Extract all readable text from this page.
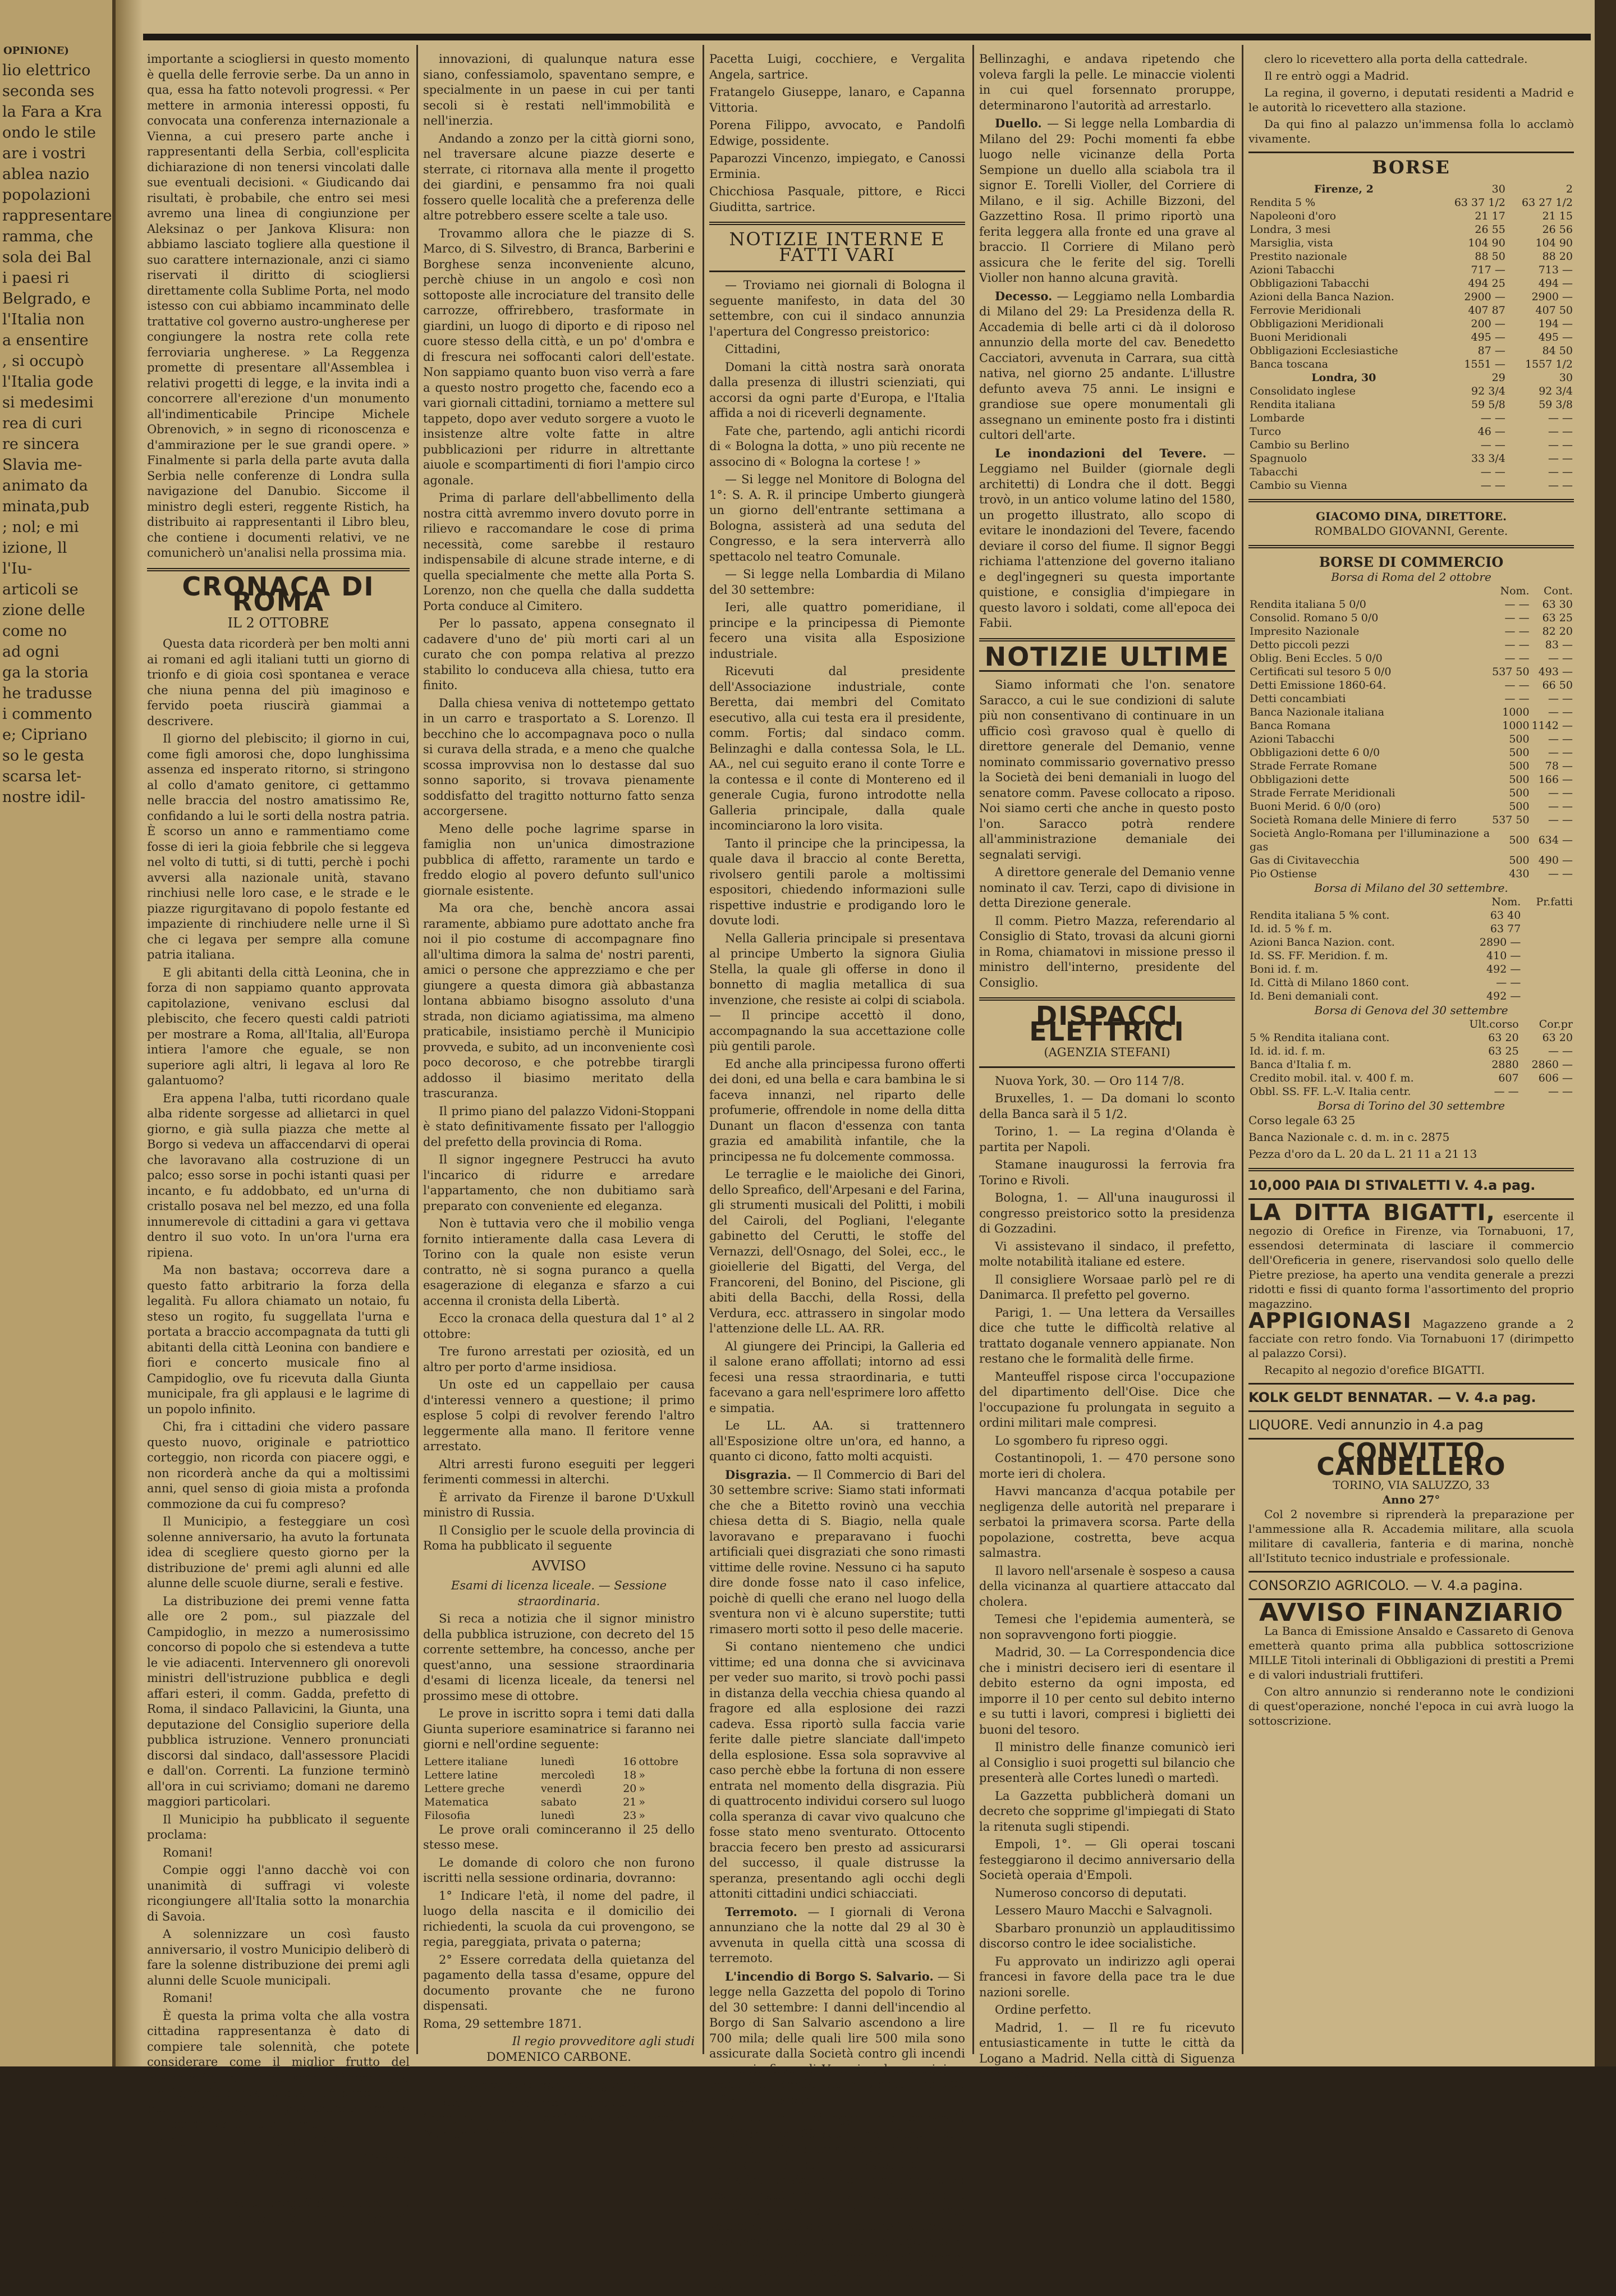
OPINIONE)
lio elettrico
seconda ses
la Fara a Kra
ondo le stile
are i vostri
ablea nazio
popolazioni
rappresentare
ramma, che
sola dei Bal
i paesi ri
Belgrado, e
l'Italia non
a ensentire
, si occupò
l'Italia gode
si medesimi
rea di curi
re sincera
Slavia me-
animato da
minata,pub
; nol; e mi
izione, ll
l'Iu-
articoli se
zione delle
come no
ad ogni
ga la storia
he tradusse
i commento
e; Cipriano
so le gesta
scarsa let-
nostre idil-

importante a sciogliersi in questo momento è quella delle ferrovie serbe. Da un anno in qua, essa ha fatto notevoli progressi. « Per mettere in armonia interessi opposti, fu convocata una conferenza internazionale a Vienna, a cui presero parte anche i rappresentanti della Serbia, coll'esplicita dichiarazione di non tenersi vincolati dalle sue eventuali decisioni. « Giudicando dai risultati, è probabile, che entro sei mesi avremo una linea di congiunzione per Aleksinaz o per Jankova Klisura: non abbiamo lasciato togliere alla questione il suo carattere internazionale, anzi ci siamo riservati il diritto di sciogliersi direttamente colla Sublime Porta, nel modo istesso con cui abbiamo incamminato delle trattative col governo austro-ungherese per congiungere la nostra rete colla rete ferroviaria ungherese. » La Reggenza promette di presentare all'Assemblea i relativi progetti di legge, e la invita indi a concorrere all'erezione d'un monumento all'indimenticabile Principe Michele Obrenovich, » in segno di riconoscenza e d'ammirazione per le sue grandi opere. » Finalmente si parla della parte avuta dalla Serbia nelle conferenze di Londra sulla navigazione del Danubio. Siccome il ministro degli esteri, reggente Ristich, ha distribuito ai rappresentanti il Libro bleu, che contiene i documenti relativi, ve ne comunicherò un'analisi nella prossima mia.

CRONACA DI ROMA
IL 2 OTTOBRE

Questa data ricorderà per ben molti anni ai romani ed agli italiani tutti un giorno di trionfo e di gioia così spontanea e verace che niuna penna del più imaginoso e fervido poeta riuscirà giammai a descrivere.

Il giorno del plebiscito; il giorno in cui, come figli amorosi che, dopo lunghissima assenza ed insperato ritorno, si stringono al collo d'amato genitore, ci gettammo nelle braccia del nostro amatissimo Re, confidando a lui le sorti della nostra patria. È scorso un anno e rammentiamo come fosse di ieri la gioia febbrile che si leggeva nel volto di tutti, si di tutti, perchè i pochi avversi alla nazionale unità, stavano rinchiusi nelle loro case, e le strade e le piazze rigurgitavano di popolo festante ed impaziente di rinchiudere nelle urne il Sì che ci legava per sempre alla comune patria italiana.

E gli abitanti della città Leonina, che in forza di non sappiamo quanto approvata capitolazione, venivano esclusi dal plebiscito, che fecero questi caldi patrioti per mostrare a Roma, all'Italia, all'Europa intiera l'amore che eguale, se non superiore agli altri, li legava al loro Re galantuomo?

Era appena l'alba, tutti ricordano quale alba ridente sorgesse ad allietarci in quel giorno, e già sulla piazza che mette al Borgo si vedeva un affaccendarvi di operai che lavoravano alla costruzione di un palco; esso sorse in pochi istanti quasi per incanto, e fu addobbato, ed un'urna di cristallo posava nel bel mezzo, ed una folla innumerevole di cittadini a gara vi gettava dentro il suo voto. In un'ora l'urna era ripiena.

Ma non bastava; occorreva dare a questo fatto arbitrario la forza della legalità. Fu allora chiamato un notaio, fu steso un rogito, fu suggellata l'urna e portata a braccio accompagnata da tutti gli abitanti della città Leonina con bandiere e fiori e concerto musicale fino al Campidoglio, ove fu ricevuta dalla Giunta municipale, fra gli applausi e le lagrime di un popolo infinito.

Chi, fra i cittadini che videro passare questo nuovo, originale e patriottico corteggio, non ricorda con piacere oggi, e non ricorderà anche da qui a moltissimi anni, quel senso di gioia mista a profonda commozione da cui fu compreso?

Il Municipio, a festeggiare un così solenne anniversario, ha avuto la fortunata idea di scegliere questo giorno per la distribuzione de' premi agli alunni ed alle alunne delle scuole diurne, serali e festive.

La distribuzione dei premi venne fatta alle ore 2 pom., sul piazzale del Campidoglio, in mezzo a numerosissimo concorso di popolo che si estendeva a tutte le vie adiacenti. Intervennero gli onorevoli ministri dell'istruzione pubblica e degli affari esteri, il comm. Gadda, prefetto di Roma, il sindaco Pallavicini, la Giunta, una deputazione del Consiglio superiore della pubblica istruzione. Vennero pronunciati discorsi dal sindaco, dall'assessore Placidi e dall'on. Correnti. La funzione terminò all'ora in cui scriviamo; domani ne daremo maggiori particolari.

Il Municipio ha pubblicato il seguente proclama:

Romani!

Compie oggi l'anno dacchè voi con unanimità di suffragi vi voleste ricongiungere all'Italia sotto la monarchia di Savoia.

A solennizzare un così fausto anniversario, il vostro Municipio deliberò di fare la solenne distribuzione dei premi agli alunni delle Scuole municipali.

Romani!

È questa la prima volta che alla vostra cittadina rappresentanza è dato di compiere tale solennità, che potete considerare come il miglior frutto del vostro voto, i cui effetti sono l'istruzione, la civiltà; virtù senza le quali un popolo non può rendersi degno di possedere la propria indipendenza, unità e libertà.

Dal Campidoglio, 2 ottobre 1871.

Il Sindaco
F. PALLAVICINI.

Si è molte volte progettato di abbellire alcune piazze della città con dei giardini, ma le

innovazioni, di qualunque natura esse siano, confessiamolo, spaventano sempre, e specialmente in un paese in cui per tanti secoli si è restati nell'immobilità e nell'inerzia.

Andando a zonzo per la città giorni sono, nel traversare alcune piazze deserte e sterrate, ci ritornava alla mente il progetto dei giardini, e pensammo fra noi quali fossero quelle località che a preferenza delle altre potrebbero essere scelte a tale uso.

Trovammo allora che le piazze di S. Marco, di S. Silvestro, di Branca, Barberini e Borghese senza inconveniente alcuno, perchè chiuse in un angolo e così non sottoposte alle incrociature del transito delle carrozze, offrirebbero, trasformate in giardini, un luogo di diporto e di riposo nel cuore stesso della città, e un po' d'ombra e di frescura nei soffocanti calori dell'estate. Non sappiamo quanto buon viso verrà a fare a questo nostro progetto che, facendo eco a vari giornali cittadini, torniamo a mettere sul tappeto, dopo aver veduto sorgere a vuoto le insistenze altre volte fatte in altre pubblicazioni per ridurre in altrettante aiuole e scompartimenti di fiori l'ampio circo agonale.

Prima di parlare dell'abbellimento della nostra città avremmo invero dovuto porre in rilievo e raccomandare le cose di prima necessità, come sarebbe il restauro indispensabile di alcune strade interne, e di quella specialmente che mette alla Porta S. Lorenzo, non che quella che dalla suddetta Porta conduce al Cimitero.

Per lo passato, appena consegnato il cadavere d'uno de' più morti cari al un curato che con pompa relativa al prezzo stabilito lo conduceva alla chiesa, tutto era finito.

Dalla chiesa veniva di nottetempo gettato in un carro e trasportato a S. Lorenzo. Il becchino che lo accompagnava poco o nulla si curava della strada, e a meno che qualche scossa improvvisa non lo destasse dal suo sonno saporito, si trovava pienamente soddisfatto del tragitto notturno fatto senza accorgersene.

Meno delle poche lagrime sparse in famiglia non un'unica dimostrazione pubblica di affetto, raramente un tardo e freddo elogio al povero defunto sull'unico giornale esistente.

Ma ora che, benchè ancora assai raramente, abbiamo pure adottato anche fra noi il pio costume di accompagnare fino all'ultima dimora la salma de' nostri parenti, amici o persone che apprezziamo e che per giungere a questa dimora già abbastanza lontana abbiamo bisogno assoluto d'una strada, non diciamo agiatissima, ma almeno praticabile, insistiamo perchè il Municipio provveda, e subito, ad un inconveniente così poco decoroso, e che potrebbe tirargli addosso il biasimo meritato della trascuranza.

Il primo piano del palazzo Vidoni-Stoppani è stato definitivamente fissato per l'alloggio del prefetto della provincia di Roma.

Il signor ingegnere Pestrucci ha avuto l'incarico di ridurre e arredare l'appartamento, che non dubitiamo sarà preparato con conveniente ed eleganza.

Non è tuttavia vero che il mobilio venga fornito intieramente dalla casa Levera di Torino con la quale non esiste verun contratto, nè si sogna puranco a quella esagerazione di eleganza e sfarzo a cui accenna il cronista della Libertà.

Ecco la cronaca della questura dal 1° al 2 ottobre:

Tre furono arrestati per oziosità, ed un altro per porto d'arme insidiosa.

Un oste ed un cappellaio per causa d'interessi vennero a questione; il primo esplose 5 colpi di revolver ferendo l'altro leggermente alla mano. Il feritore venne arrestato.

Altri arresti furono eseguiti per leggeri ferimenti commessi in alterchi.

È arrivato da Firenze il barone D'Uxkull ministro di Russia.

Il Consiglio per le scuole della provincia di Roma ha pubblicato il seguente

AVVISO

Esami di licenza liceale. — Sessione straordinaria.

Si reca a notizia che il signor ministro della pubblica istruzione, con decreto del 15 corrente settembre, ha concesso, anche per quest'anno, una sessione straordinaria d'esami di licenza liceale, da tenersi nel prossimo mese di ottobre.

Le prove in iscritto sopra i temi dati dalla Giunta superiore esaminatrice si faranno nei giorni e nell'ordine seguente:

Lettere italiane	lunedì	16	ottobre
Lettere latine	mercoledì	18	»
Lettere greche	venerdì	20	»
Matematica	sabato	21	»
Filosofia	lunedì	23	»

Le prove orali cominceranno il 25 dello stesso mese.

Le domande di coloro che non furono iscritti nella sessione ordinaria, dovranno:

1° Indicare l'età, il nome del padre, il luogo della nascita e il domicilio dei richiedenti, la scuola da cui provengono, se regia, pareggiata, privata o paterna;

2° Essere corredata della quietanza del pagamento della tassa d'esame, oppure del documento provante che ne furono dispensati.

Roma, 29 settembre 1871.

Il regio provveditore agli studi
DOMENICO CARBONE.

Matrimoni celebrati nel giorno 30.

Reanda Alessandro, impiegato, e Boldri Sofia, possidente. Fornincasa Paolo, sarto, e Menichini Emilia.

Pacetta Luigi, cocchiere, e Vergalita Angela, sartrice.

Fratangelo Giuseppe, lanaro, e Capanna Vittoria.

Porena Filippo, avvocato, e Pandolfi Edwige, possidente.

Paparozzi Vincenzo, impiegato, e Canossi Erminia.

Chicchiosa Pasquale, pittore, e Ricci Giuditta, sartrice.

NOTIZIE INTERNE E FATTI VARI

— Troviamo nei giornali di Bologna il seguente manifesto, in data del 30 settembre, con cui il sindaco annunzia l'apertura del Congresso preistorico:

Cittadini,

Domani la città nostra sarà onorata dalla presenza di illustri scienziati, qui accorsi da ogni parte d'Europa, e l'Italia affida a noi di riceverli degnamente.

Fate che, partendo, agli antichi ricordi di « Bologna la dotta, » uno più recente ne associno di « Bologna la cortese ! »

— Si legge nel Monitore di Bologna del 1°: S. A. R. il principe Umberto giungerà un giorno dell'entrante settimana a Bologna, assisterà ad una seduta del Congresso, e la sera interverrà allo spettacolo nel teatro Comunale.

— Si legge nella Lombardia di Milano del 30 settembre:

Ieri, alle quattro pomeridiane, il principe e la principessa di Piemonte fecero una visita alla Esposizione industriale.

Ricevuti dal presidente dell'Associazione industriale, conte Beretta, dai membri del Comitato esecutivo, alla cui testa era il presidente, comm. Fortis; dal sindaco comm. Belinzaghi e dalla contessa Sola, le LL. AA., nel cui seguito erano il conte Torre e la contessa e il conte di Montereno ed il generale Cugia, furono introdotte nella Galleria principale, dalla quale incominciarono la loro visita.

Tanto il principe che la principessa, la quale dava il braccio al conte Beretta, rivolsero gentili parole a moltissimi espositori, chiedendo informazioni sulle rispettive industrie e prodigando loro le dovute lodi.

Nella Galleria principale si presentava al principe Umberto la signora Giulia Stella, la quale gli offerse in dono il bonnetto di maglia metallica di sua invenzione, che resiste ai colpi di sciabola. — Il principe accettò il dono, accompagnando la sua accettazione colle più gentili parole.

Ed anche alla principessa furono offerti dei doni, ed una bella e cara bambina le si faceva innanzi, nel riparto delle profumerie, offrendole in nome della ditta Dunant un flacon d'essenza con tanta grazia ed amabilità infantile, che la principessa ne fu dolcemente commossa.

Le terraglie e le maioliche dei Ginori, dello Spreafico, dell'Arpesani e del Farina, gli strumenti musicali del Politti, i mobili del Cairoli, del Pogliani, l'elegante gabinetto del Cerutti, le stoffe del Vernazzi, dell'Osnago, del Solei, ecc., le gioiellerie del Bigatti, del Verga, del Francoreni, del Bonino, del Piscione, gli abiti della Bacchi, della Rossi, della Verdura, ecc. attrassero in singolar modo l'attenzione delle LL. AA. RR.

Al giungere dei Principi, la Galleria ed il salone erano affollati; intorno ad essi fecesi una ressa straordinaria, e tutti facevano a gara nell'esprimere loro affetto e simpatia.

Le LL. AA. si trattennero all'Esposizione oltre un'ora, ed hanno, a quanto ci dicono, fatto molti acquisti.

Disgrazia. — Il Commercio di Bari del 30 settembre scrive: Siamo stati informati che che a Bitetto rovinò una vecchia chiesa detta di S. Biagio, nella quale lavoravano e preparavano i fuochi artificiali quei disgraziati che sono rimasti vittime delle rovine. Nessuno ci ha saputo dire donde fosse nato il caso infelice, poichè di quelli che erano nel luogo della sventura non vi è alcuno superstite; tutti rimasero morti sotto il peso delle macerie.

Si contano nientemeno che undici vittime; ed una donna che si avvicinava per veder suo marito, si trovò pochi passi in distanza della vecchia chiesa quando al fragore ed alla esplosione dei razzi cadeva. Essa riportò sulla faccia varie ferite dalle pietre slanciate dall'impeto della esplosione. Essa sola sopravvive al caso perchè ebbe la fortuna di non essere entrata nel momento della disgrazia. Più di quattrocento individui corsero sul luogo colla speranza di cavar vivo qualcuno che fosse stato meno sventurato. Ottocento braccia fecero ben presto ad assicurarsi del successo, il quale distrusse la speranza, presentando agli occhi degli attoniti cittadini undici schiacciati.

Terremoto. — I giornali di Verona annunziano che la notte dal 29 al 30 è avvenuta in quella città una scossa di terremoto.

L'incendio di Borgo S. Salvario. — Si legge nella Gazzetta del popolo di Torino del 30 settembre: I danni dell'incendio al Borgo di San Salvario ascendono a lire 700 mila; delle quali lire 500 mila sono assicurate dalla Società contro gli incendi a premio fisso, di Venezia ed una minima parte dal Mondo. Le rimanenti lire 200 mila sono scoperte.

Minaccia. — Si legge nella Lombardia di Milano del 30 settembre: Certo Lu..., guardia daziaria pensionato, si era fitto in capo che il sindaco gli dovesse conferire un altro posto; e con una insistenza insopportabile, gli stava alle calcagne e lo premeva colle sue indiscrete sollecitazioni. Avea un bel fare il sindaco a persuaderlo che non avea impiego a dare a chi godeva già una pensione di riforma: era tutto fiato sprecato. Ieri il Lu... si piantava sulla porta del comm.

Bellinzaghi, e andava ripetendo che voleva fargli la pelle. Le minaccie violenti in cui quel forsennato proruppe, determinarono l'autorità ad arrestarlo.

Duello. — Si legge nella Lombardia di Milano del 29: Pochi momenti fa ebbe luogo nelle vicinanze della Porta Sempione un duello alla sciabola tra il signor E. Torelli Violler, del Corriere di Milano, e il sig. Achille Bizzoni, del Gazzettino Rosa. Il primo riportò una ferita leggera alla fronte ed una grave al braccio. Il Corriere di Milano però assicura che le ferite del sig. Torelli Violler non hanno alcuna gravità.

Decesso. — Leggiamo nella Lombardia di Milano del 29: La Presidenza della R. Accademia di belle arti ci dà il doloroso annunzio della morte del cav. Benedetto Cacciatori, avvenuta in Carrara, sua città nativa, nel giorno 25 andante. L'illustre defunto aveva 75 anni. Le insigni e grandiose sue opere monumentali gli assegnano un eminente posto fra i distinti cultori dell'arte.

Le inondazioni del Tevere. — Leggiamo nel Builder (giornale degli architetti) di Londra che il dott. Beggi trovò, in un antico volume latino del 1580, un progetto illustrato, allo scopo di evitare le inondazioni del Tevere, facendo deviare il corso del fiume. Il signor Beggi richiama l'attenzione del governo italiano e degl'ingegneri su questa importante quistione, e consiglia d'impiegare in questo lavoro i soldati, come all'epoca dei Fabii.

NOTIZIE ULTIME

Siamo informati che l'on. senatore Saracco, a cui le sue condizioni di salute più non consentivano di continuare in un ufficio così gravoso qual è quello di direttore generale del Demanio, venne nominato commissario governativo presso la Società dei beni demaniali in luogo del senatore comm. Pavese collocato a riposo. Noi siamo certi che anche in questo posto l'on. Saracco potrà rendere all'amministrazione demaniale dei segnalati servigi.

A direttore generale del Demanio venne nominato il cav. Terzi, capo di divisione in detta Direzione generale.

Il comm. Pietro Mazza, referendario al Consiglio di Stato, trovasi da alcuni giorni in Roma, chiamatovi in missione presso il ministro dell'interno, presidente del Consiglio.

DISPACCI ELETTRICI
(AGENZIA STEFANI)

Nuova York, 30. — Oro 114 7/8.

Bruxelles, 1. — Da domani lo sconto della Banca sarà il 5 1/2.

Torino, 1. — La regina d'Olanda è partita per Napoli.

Stamane inaugurossi la ferrovia fra Torino e Rivoli.

Bologna, 1. — All'una inaugurossi il congresso preistorico sotto la presidenza di Gozzadini.

Vi assistevano il sindaco, il prefetto, molte notabilità italiane ed estere.

Il consigliere Worsaae parlò pel re di Danimarca. Il prefetto pel governo.

Parigi, 1. — Una lettera da Versailles dice che tutte le difficoltà relative al trattato doganale vennero appianate. Non restano che le formalità delle firme.

Manteuffel rispose circa l'occupazione del dipartimento dell'Oise. Dice che l'occupazione fu prolungata in seguito a ordini militari male compresi.

Lo sgombero fu ripreso oggi.

Costantinopoli, 1. — 470 persone sono morte ieri di cholera.

Havvi mancanza d'acqua potabile per negligenza delle autorità nel preparare i serbatoi la primavera scorsa. Parte della popolazione, costretta, beve acqua salmastra.

Il lavoro nell'arsenale è sospeso a causa della vicinanza al quartiere attaccato dal cholera.

Temesi che l'epidemia aumenterà, se non sopravvengono forti pioggie.

Madrid, 30. — La Correspondencia dice che i ministri decisero ieri di esentare il debito esterno da ogni imposta, ed imporre il 10 per cento sul debito interno e su tutti i lavori, compresi i biglietti dei buoni del tesoro.

Il ministro delle finanze comunicò ieri al Consiglio i suoi progetti sul bilancio che presenterà alle Cortes lunedì o martedì.

La Gazzetta pubblicherà domani un decreto che sopprime gl'impiegati di Stato la ritenuta sugli stipendi.

Empoli, 1°. — Gli operai toscani festeggiarono il decimo anniversario della Società operaia d'Empoli.

Numeroso concorso di deputati.

Lessero Mauro Macchi e Salvagnoli.

Sbarbaro pronunziò un applauditissimo discorso contro le idee socialistiche.

Fu approvato un indirizzo agli operai francesi in favore della pace tra le due nazioni sorelle.

Ordine perfetto.

Madrid, 1. — Il re fu ricevuto entusiasticamente in tutte le città da Logano a Madrid. Nella città di Siguenza il vescovo e tutto il

clero lo ricevettero alla porta della cattedrale.

Il re entrò oggi a Madrid.

La regina, il governo, i deputati residenti a Madrid e le autorità lo ricevettero alla stazione.

Da qui fino al palazzo un'immensa folla lo acclamò vivamente.

BORSE
Firenze, 2	30	2
Rendita 5 %	63 37 1/2	63 27 1/2
Napoleoni d'oro	21 17	21 15
Londra, 3 mesi	26 55	26 56
Marsiglia, vista	104 90	104 90
Prestito nazionale	88 50	88 20
Azioni Tabacchi	717 —	713 —
Obbligazioni Tabacchi	494 25	494 —
Azioni della Banca Nazion.	2900 —	2900 —
Ferrovie Meridionali	407 87	407 50
Obbligazioni Meridionali	200 —	194 —
Buoni Meridionali	495 —	495 —
Obbligazioni Ecclesiastiche	87 —	84 50
Banca toscana	1551 —	1557 1/2
Londra, 30	29	30
Consolidato inglese	92 3/4	92 3/4
Rendita italiana	59 5/8	59 3/8
Lombarde	— —	— —
Turco	46 —	— —
Cambio su Berlino	— —	— —
Spagnuolo	33 3/4	— —
Tabacchi	— —	— —
Cambio su Vienna	— —	— —
GIACOMO DINA, DIRETTORE.
ROMBALDO GIOVANNI, Gerente.
BORSE DI COMMERCIO
Borsa di Roma del 2 ottobre
	Nom.	Cont.
Rendita italiana 5 0/0	— —	63 30
Consolid. Romano 5 0/0	— —	63 25
Impresito Nazionale	— —	82 20
Detto piccoli pezzi	— —	83 —
Oblig. Beni Eccles. 5 0/0	— —	— —
Certificati sul tesoro 5 0/0	537 50	493 —
Detti Emissione 1860-64.	— —	66 50
Detti concambiati	— —	— —
Banca Nazionale italiana	1000	— —
Banca Romana	1000	1142 —
Azioni Tabacchi	500	— —
Obbligazioni dette 6 0/0	500	— —
Strade Ferrate Romane	500	78 —
Obbligazioni dette	500	166 —
Strade Ferrate Meridionali	500	— —
Buoni Merid. 6 0/0 (oro)	500	— —
Società Romana delle Miniere di ferro	537 50	— —
Società Anglo-Romana per l'illuminazione a gas	500	634 —
Gas di Civitavecchia	500	490 —
Pio Ostiense	430	— —
Borsa di Milano del 30 settembre.
	Nom.	Pr.fatti
Rendita italiana 5 % cont.	63 40	
Id. id. 5 % f. m.	63 77	
Azioni Banca Nazion. cont.	2890 —	
Id. SS. FF. Meridion. f. m.	410 —	
Boni id. f. m.	492 —	
Id. Città di Milano 1860 cont.	— —	
Id. Beni demaniali cont.	492 —	
Borsa di Genova del 30 settembre
	Ult.corso	Cor.pr
5 % Rendita italiana cont.	63 20	63 20
Id. id. id. f. m.	63 25	— —
Banca d'Italia f. m.	2880	2860 —
Credito mobil. ital. v. 400 f. m.	607	606 —
Obbl. SS. FF. L.-V. Italia centr.	— —	— —
Borsa di Torino del 30 settembre

Corso legale 63 25

Banca Nazionale c. d. m. in c. 2875

Pezza d'oro da L. 20 da L. 21 11 a 21 13

10,000 PAIA DI STIVALETTI V. 4.a pag.

LA DITTA BIGATTI, esercente il negozio di Orefice in Firenze, via Tornabuoni, 17, essendosi determinata di lasciare il commercio dell'Oreficeria in genere, riservandosi solo quello delle Pietre preziose, ha aperto una vendita generale a prezzi ridotti e fissi di quanto forma l'assortimento del proprio magazzino.

APPIGIONASI Magazzeno grande a 2 facciate con retro fondo. Via Tornabuoni 17 (dirimpetto al palazzo Corsi).

Recapito al negozio d'orefice BIGATTI.

KOLK GELDT BENNATAR. — V. 4.a pag.
LIQUORE. Vedi annunzio in 4.a pag
CONVITTO CANDELLERO
TORINO, VIA SALUZZO, 33
Anno 27°

Col 2 novembre si riprenderà la preparazione per l'ammessione alla R. Accademia militare, alla scuola militare di cavalleria, fanteria e di marina, nonchè all'Istituto tecnico industriale e professionale.

CONSORZIO AGRICOLO. — V. 4.a pagina.
AVVISO FINANZIARIO

La Banca di Emissione Ansaldo e Cassareto di Genova emetterà quanto prima alla pubblica sottoscrizione MILLE Titoli interinali di Obbligazioni di prestiti a Premi e di valori industriali fruttiferi.

Con altro annunzio si renderanno note le condizioni di quest'operazione, nonché l'epoca in cui avrà luogo la sottoscrizione.
